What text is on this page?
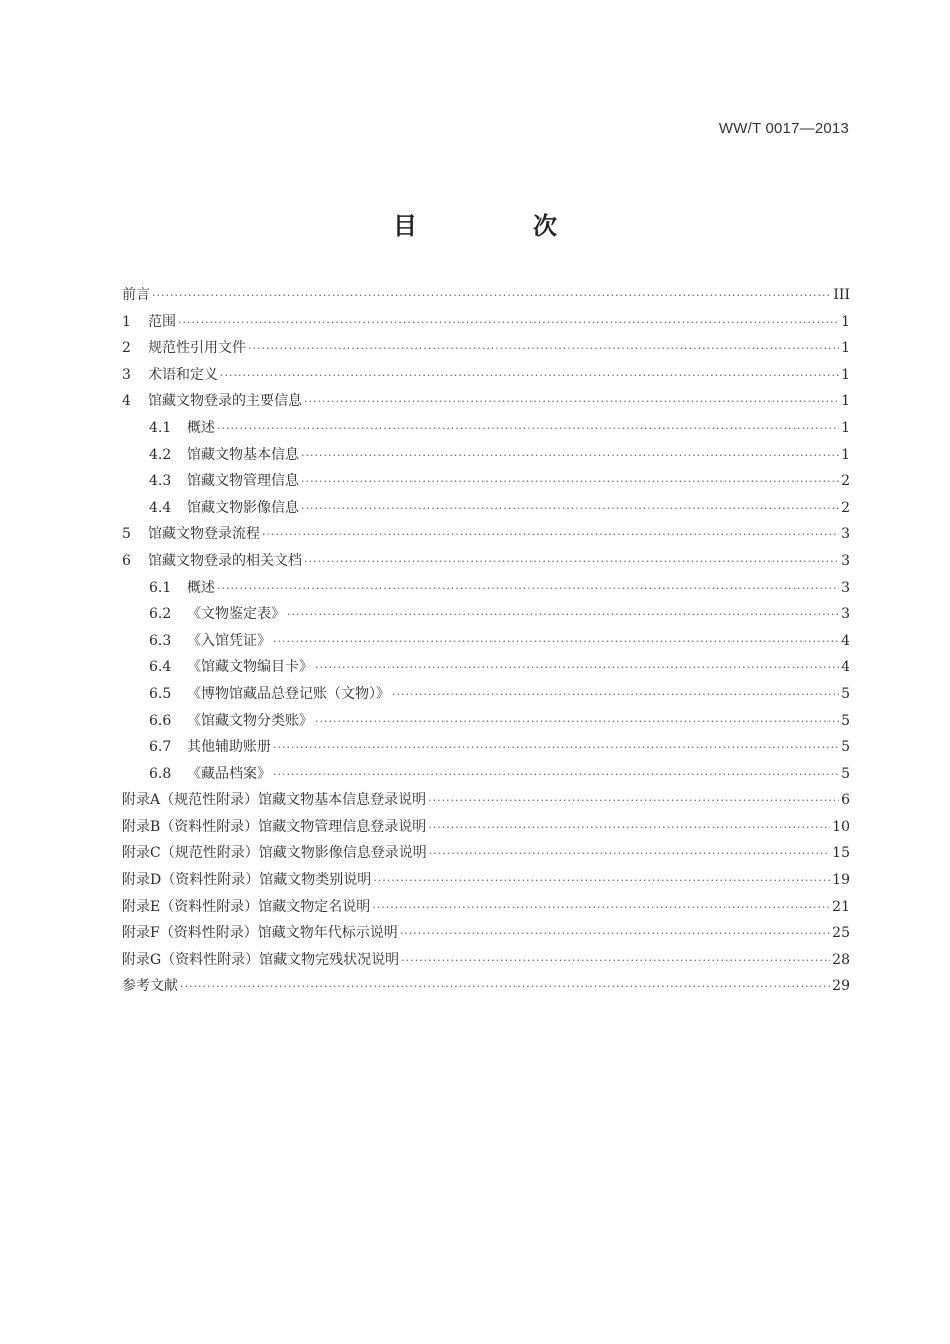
WW/T 0017—2013
目　次
前言 ·····	III
1	范围 ·····	1
2	规范性引用文件 ·····	1
3	术语和定义 ·····	1
4	馆藏文物登录的主要信息 ·····	1
4.1	概述 ·····	1
4.2	馆藏文物基本信息 ·····	1
4.3	馆藏文物管理信息 ·····	2
4.4	馆藏文物影像信息 ·····	2
5	馆藏文物登录流程 ·····	3
6	馆藏文物登录的相关文档 ·····	3
6.1	概述 ·····	3
6.2	《文物鉴定表》 ·····	3
6.3	《入馆凭证》 ·····	4
6.4	《馆藏文物编目卡》 ·····	4
6.5	《博物馆藏品总登记账（文物）》 ·····	5
6.6	《馆藏文物分类账》 ·····	5
6.7	其他辅助账册 ·····	5
6.8	《藏品档案》 ·····	5
附录A（规范性附录）馆藏文物基本信息登录说明 ·····	6
附录B（资料性附录）馆藏文物管理信息登录说明 ·····	10
附录C（规范性附录）馆藏文物影像信息登录说明 ·····	15
附录D（资料性附录）馆藏文物类别说明 ·····	19
附录E（资料性附录）馆藏文物定名说明 ·····	21
附录F（资料性附录）馆藏文物年代标示说明 ·····	25
附录G（资料性附录）馆藏文物完残状况说明 ·····	28
参考文献 ·····	29
